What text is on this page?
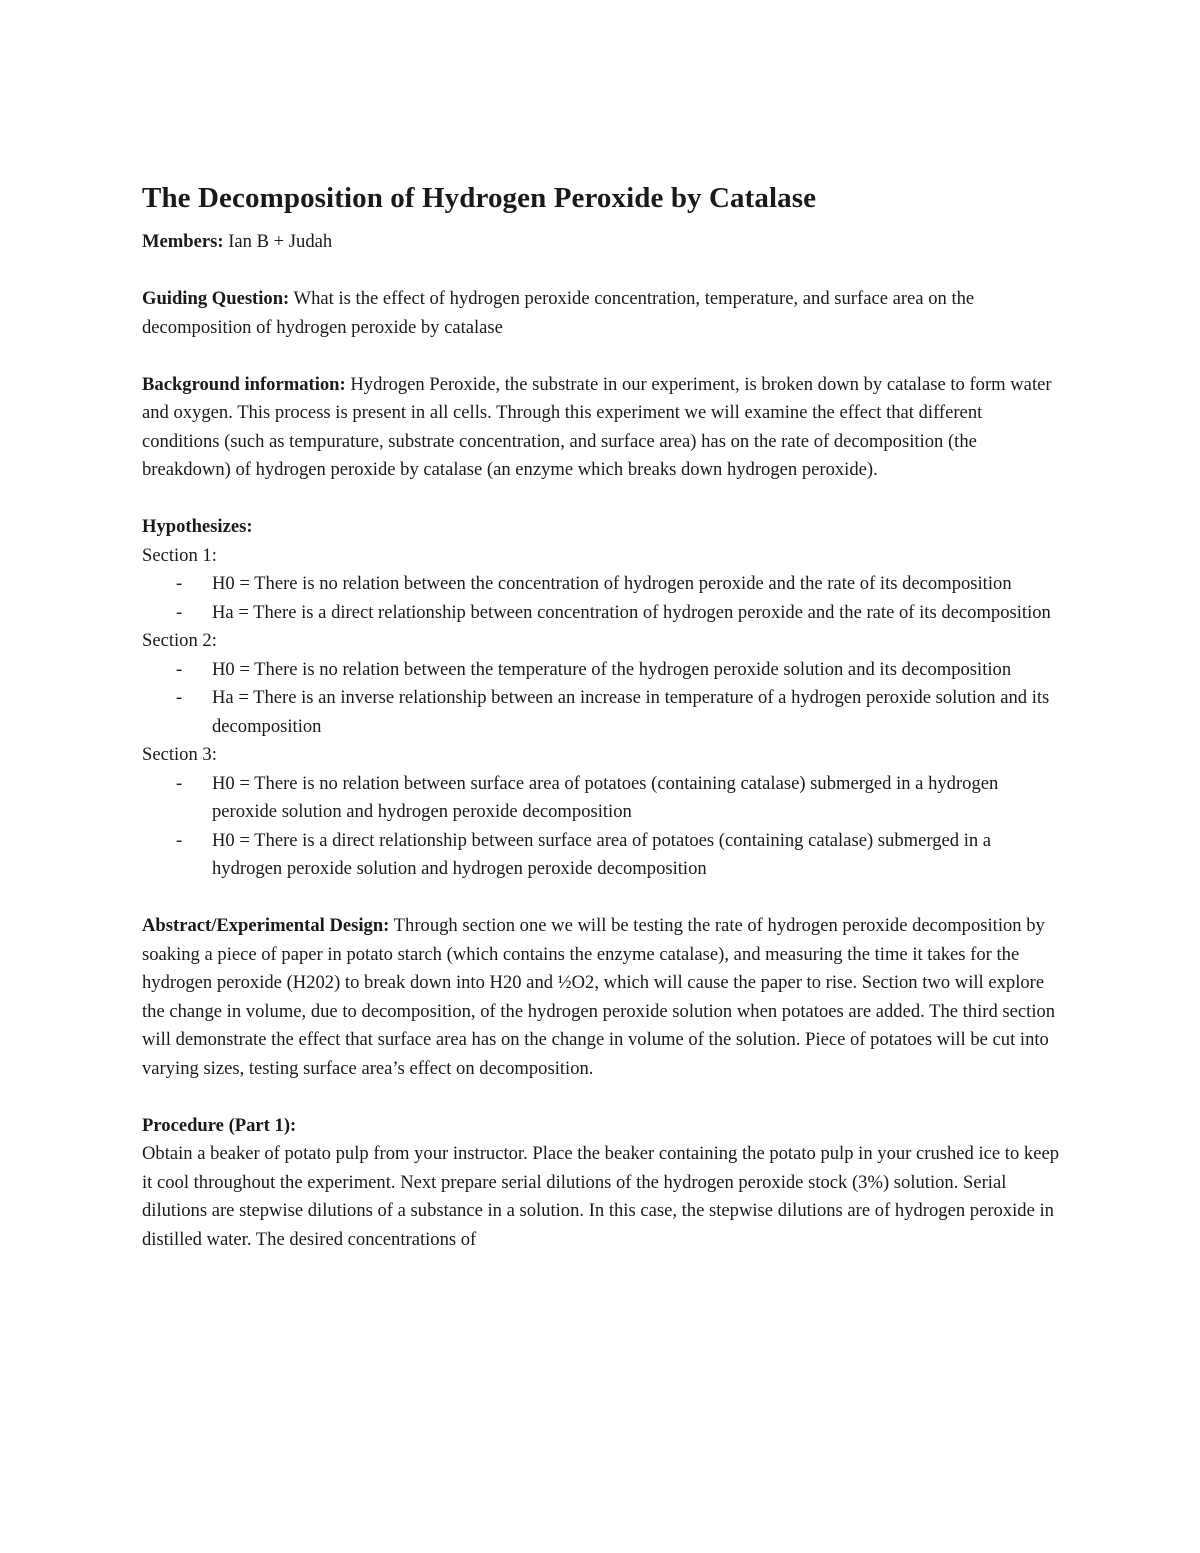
The Decomposition of Hydrogen Peroxide by Catalase

Members: Ian B + Judah

Guiding Question: What is the effect of hydrogen peroxide concentration, temperature, and surface area on the decomposition of hydrogen peroxide by catalase

Background information: Hydrogen Peroxide, the substrate in our experiment, is broken down by catalase to form water and oxygen. This process is present in all cells. Through this experiment we will examine the effect that different conditions (such as tempurature, substrate concentration, and surface area) has on the rate of decomposition (the breakdown) of hydrogen peroxide by catalase (an enzyme which breaks down hydrogen peroxide).

Hypothesizes:

Section 1:

- H0 = There is no relation between the concentration of hydrogen peroxide and the rate of its decomposition
- Ha = There is a direct relationship between concentration of hydrogen peroxide and the rate of its decomposition

Section 2:

- H0 = There is no relation between the temperature of the hydrogen peroxide solution and its decomposition
- Ha = There is an inverse relationship between an increase in temperature of a hydrogen peroxide solution and its decomposition

Section 3:

- H0 = There is no relation between surface area of potatoes (containing catalase) submerged in a hydrogen peroxide solution and hydrogen peroxide decomposition
- H0 = There is a direct relationship between surface area of potatoes (containing catalase) submerged in a hydrogen peroxide solution and hydrogen peroxide decomposition

Abstract/Experimental Design: Through section one we will be testing the rate of hydrogen peroxide decomposition by soaking a piece of paper in potato starch (which contains the enzyme catalase), and measuring the time it takes for the hydrogen peroxide (H202) to break down into H20 and ½O2, which will cause the paper to rise. Section two will explore the change in volume, due to decomposition, of the hydrogen peroxide solution when potatoes are added. The third section will demonstrate the effect that surface area has on the change in volume of the solution. Piece of potatoes will be cut into varying sizes, testing surface area’s effect on decomposition.

Procedure (Part 1):

Obtain a beaker of potato pulp from your instructor. Place the beaker containing the potato pulp in your crushed ice to keep it cool throughout the experiment. Next prepare serial dilutions of the hydrogen peroxide stock (3%) solution. Serial dilutions are stepwise dilutions of a substance in a solution. In this case, the stepwise dilutions are of hydrogen peroxide in distilled water. The desired concentrations of
